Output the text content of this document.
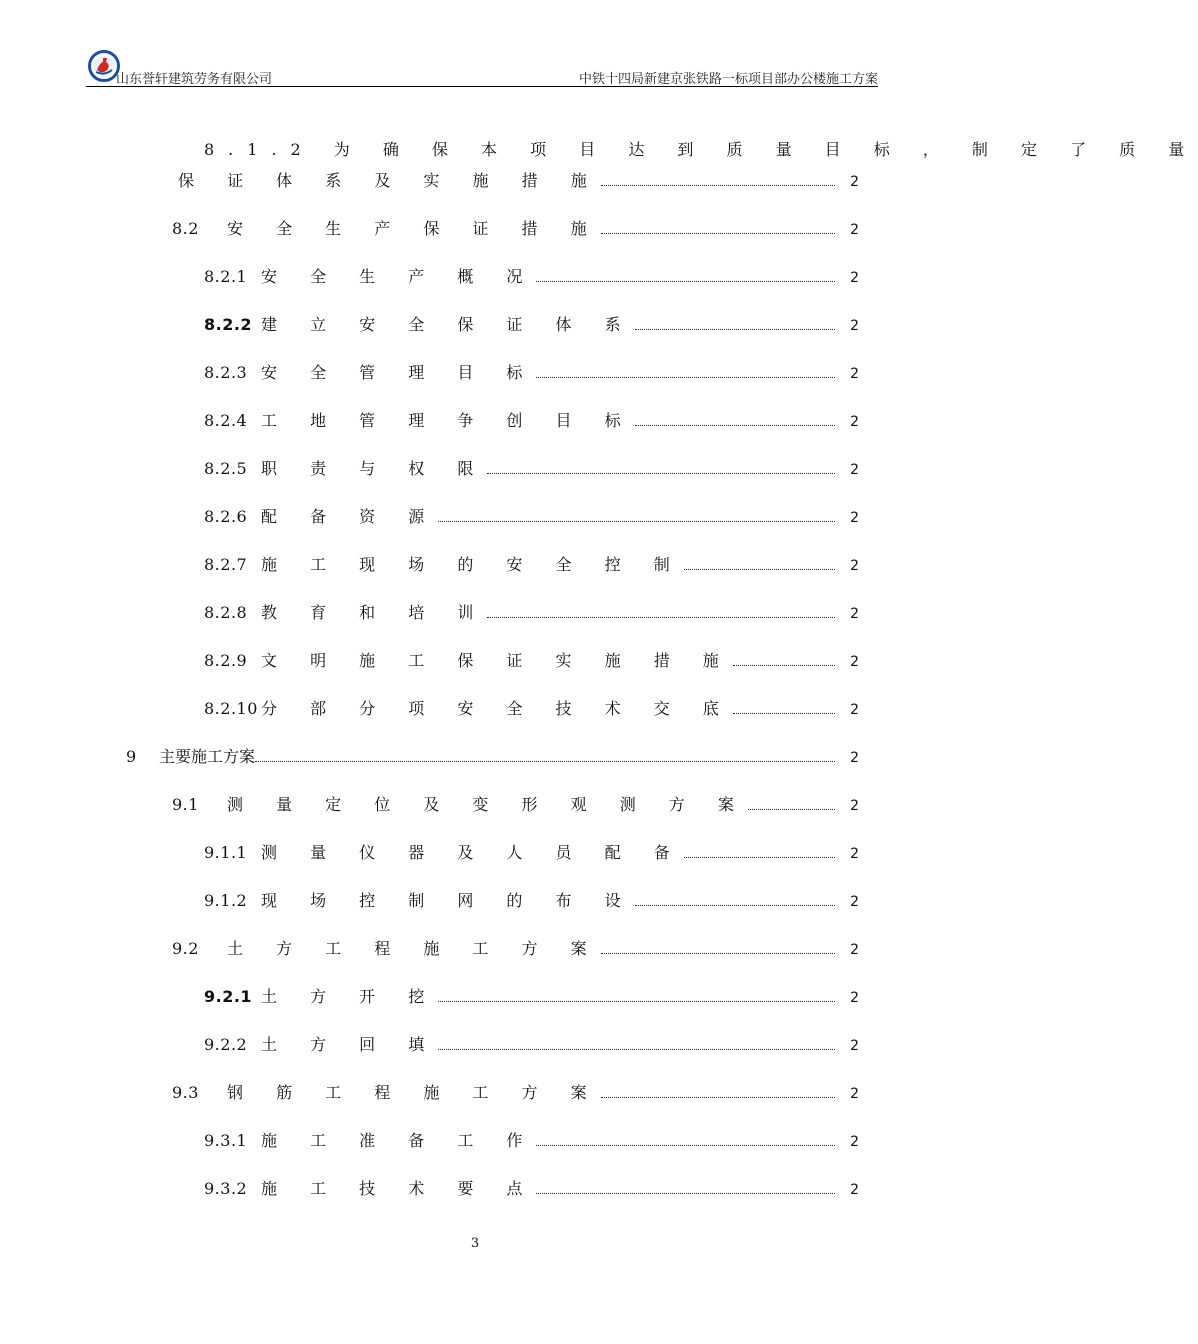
山东誉轩建筑劳务有限公司	中铁十四局新建京张铁路一标项目部办公楼施工方案
8.1.2 为 确 保 本 项 目 达 到 质 量 目 标 ， 制 定 了 质 量
保 证 体 系 及 实 施 措 施	2
8.2	安 全 生 产 保 证 措 施	2
8.2.1 安 全 生 产 概 况	2
8.2.2 建 立 安 全 保 证 体 系	2
8.2.3 安 全 管 理 目 标	2
8.2.4 工 地 管 理 争 创 目 标	2
8.2.5 职 责 与 权 限	2
8.2.6 配 备 资 源	2
8.2.7 施 工 现 场 的 安 全 控 制	2
8.2.8 教 育 和 培 训	2
8.2.9 文 明 施 工 保 证 实 施 措 施	2
8.2.10 分 部 分 项 安 全 技 术 交 底	2
9	主要施工方案	2
9.1	测 量 定 位 及 变 形 观 测 方 案	2
9.1.1 测 量 仪 器 及 人 员 配 备	2
9.1.2 现 场 控 制 网 的 布 设	2
9.2	土 方 工 程 施 工 方 案	2
9.2.1 土 方 开 挖	2
9.2.2 土 方 回 填	2
9.3	钢 筋 工 程 施 工 方 案	2
9.3.1 施 工 准 备 工 作	2
9.3.2 施 工 技 术 要 点	2
3
